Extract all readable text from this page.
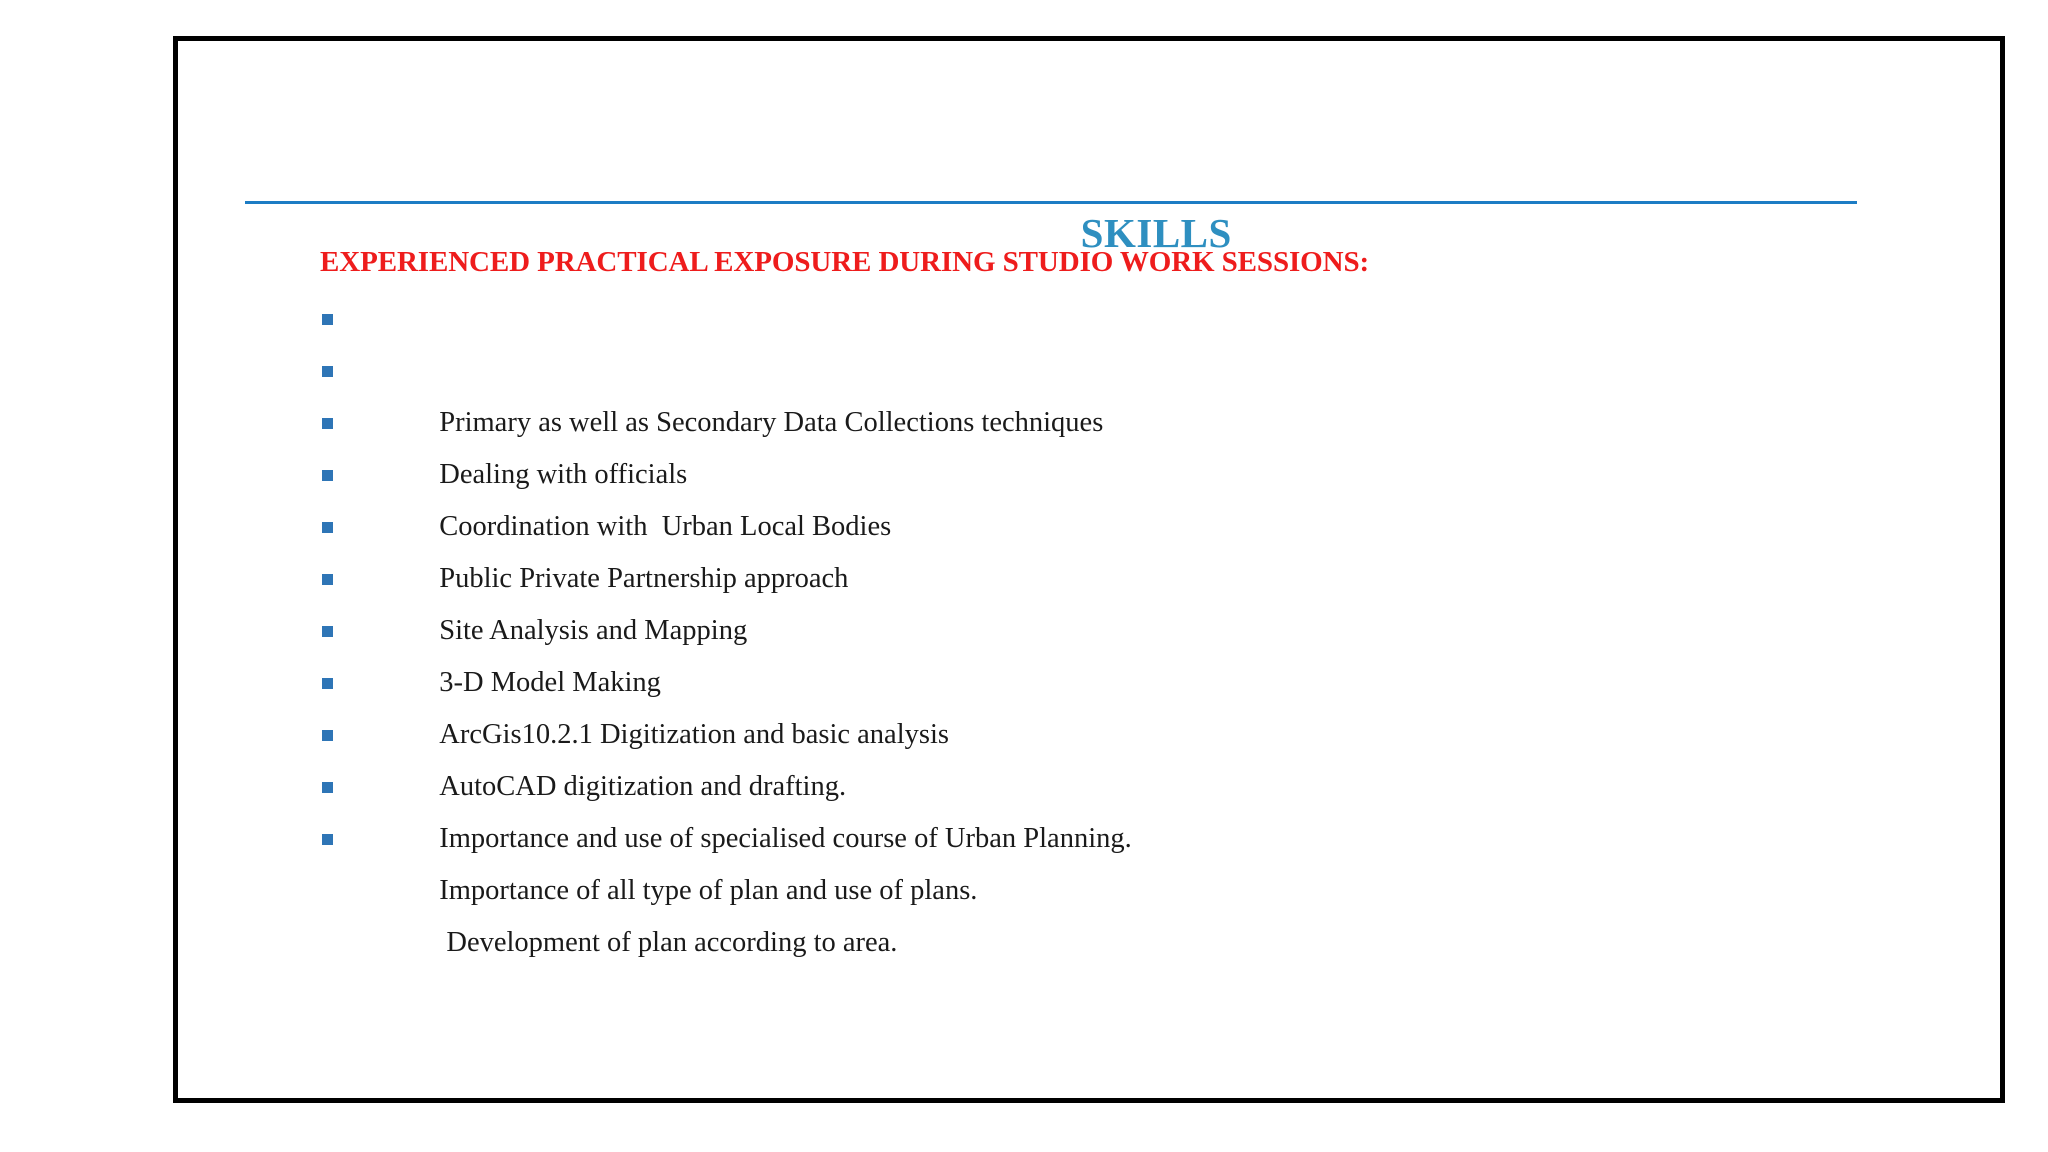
SKILLS

EXPERIENCED PRACTICAL EXPOSURE DURING STUDIO WORK SESSIONS:

Primary as well as Secondary Data Collections techniques

Dealing with officials

Coordination with  Urban Local Bodies

Public Private Partnership approach

Site Analysis and Mapping

3-D Model Making

ArcGis10.2.1 Digitization and basic analysis

AutoCAD digitization and drafting.

Importance and use of specialised course of Urban Planning.

Importance of all type of plan and use of plans.

Development of plan according to area.
